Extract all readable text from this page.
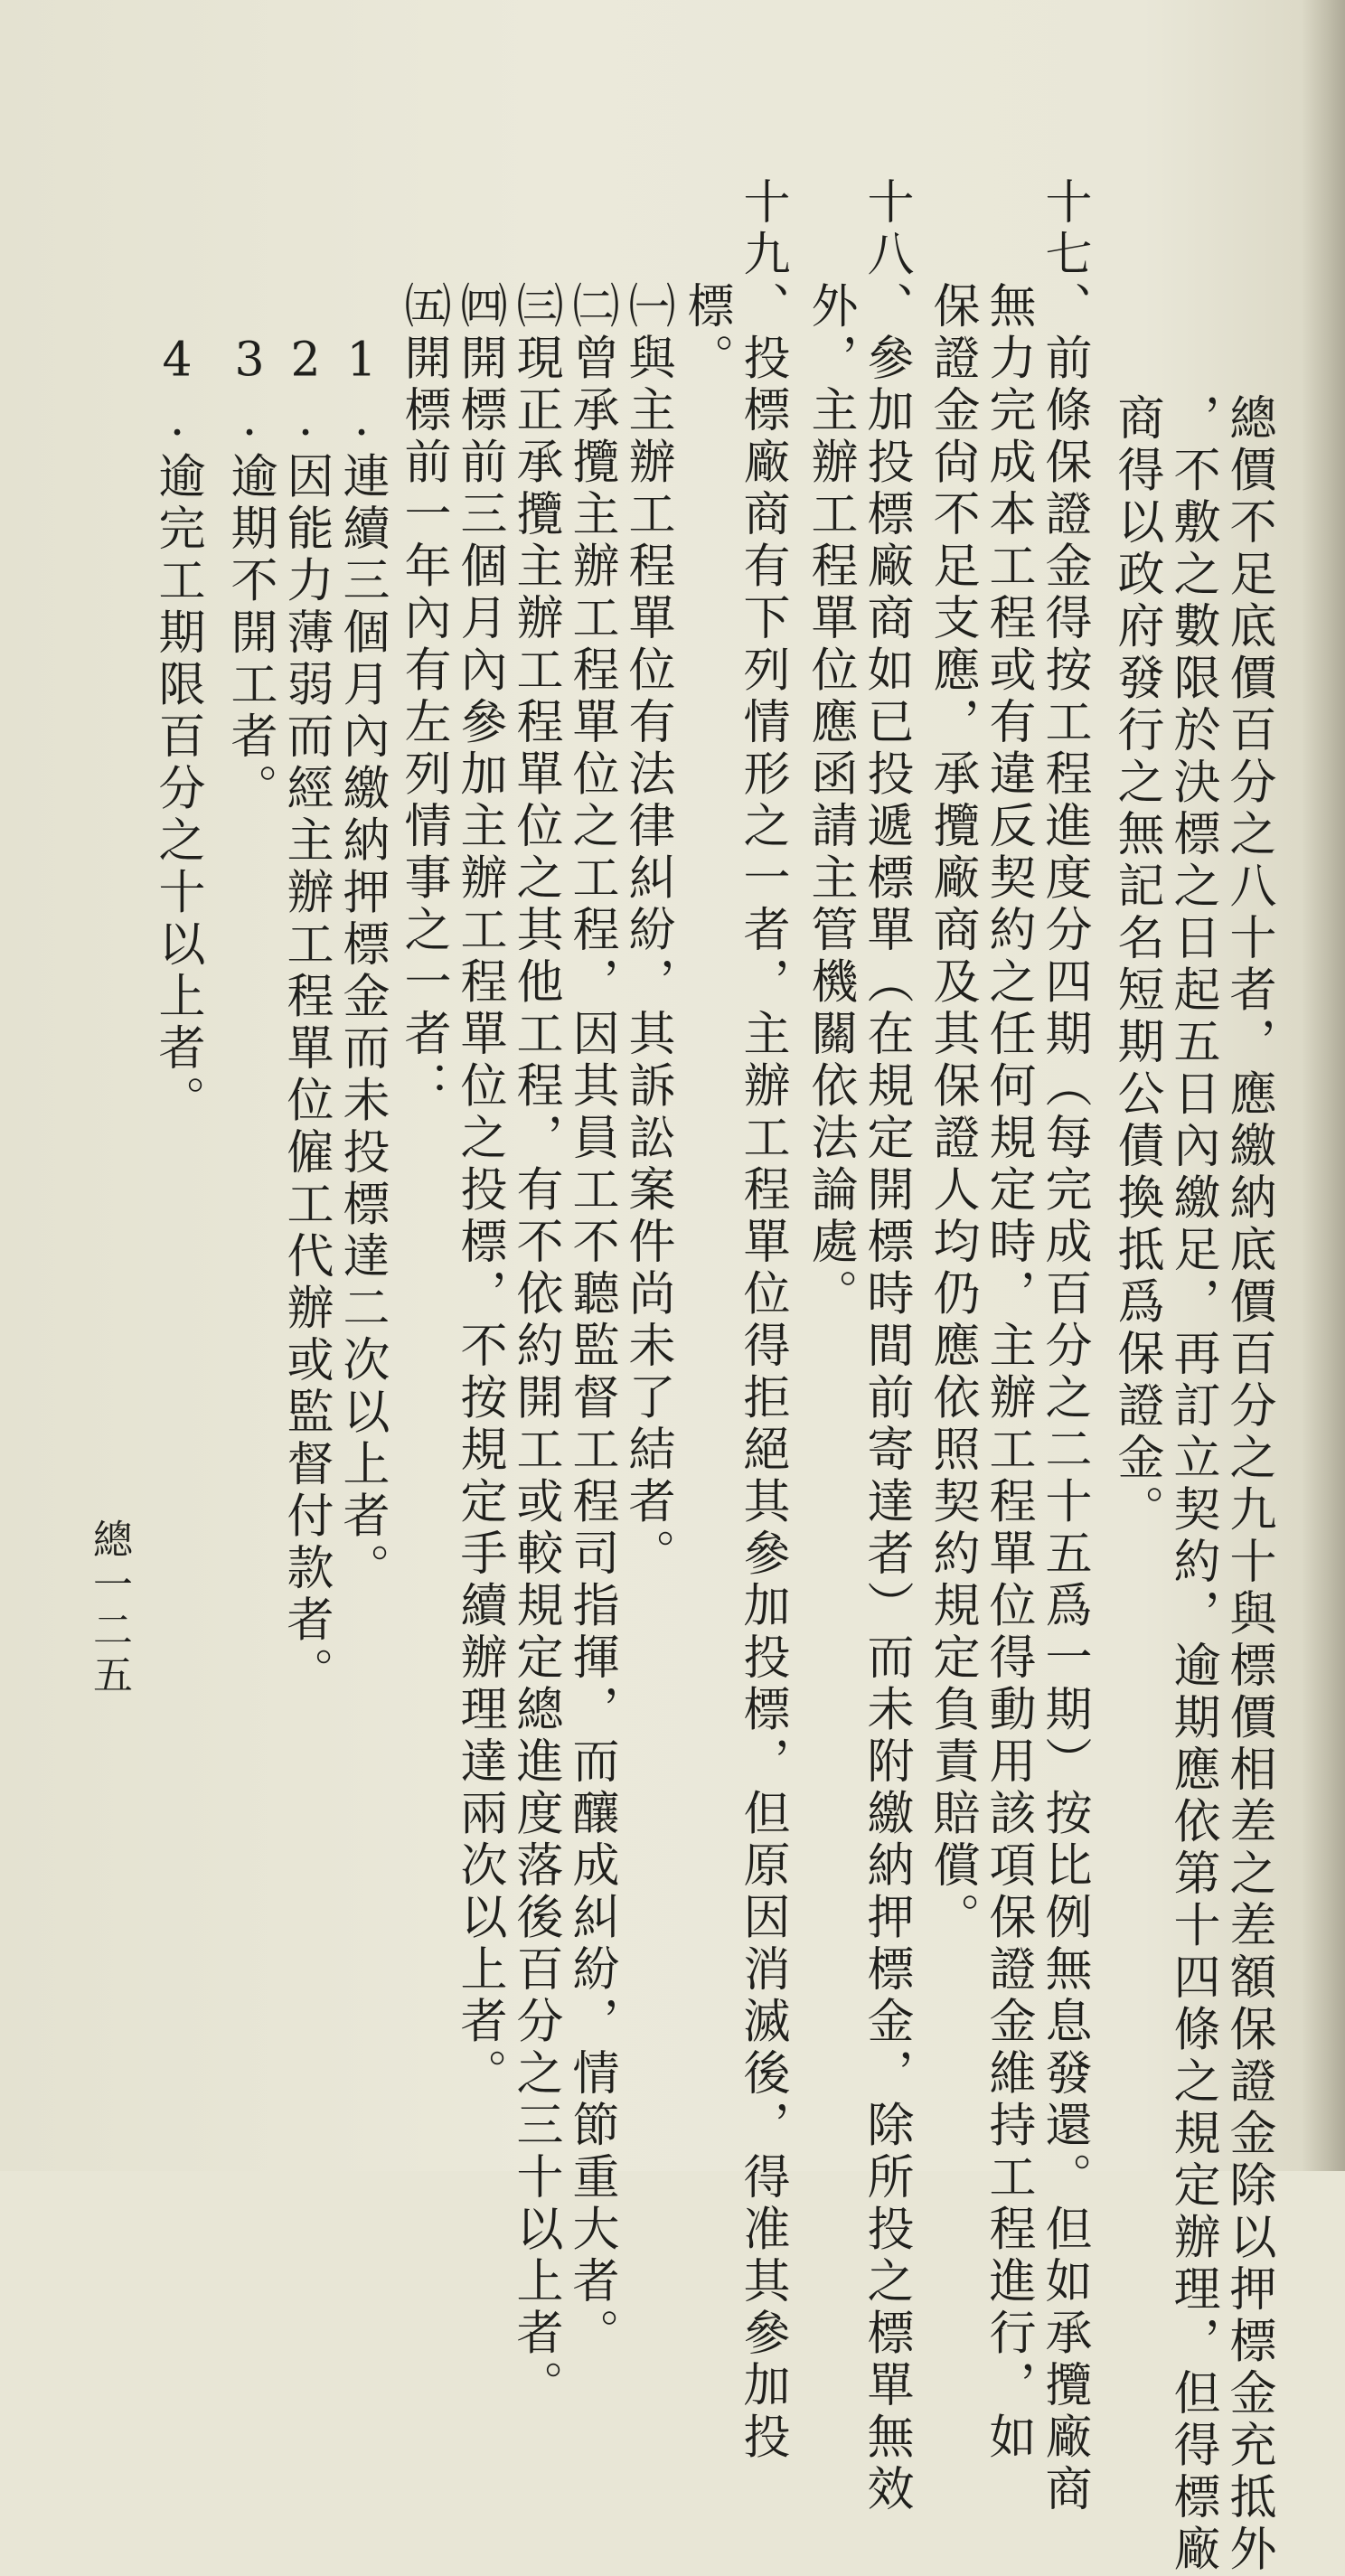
　　總價不足底價百分之八十者，應繳納底價百分之九十與標價相差之差額保證金除以押標金充抵外
　　，不敷之數限於決標之日起五日內繳足，再訂立契約，逾期應依第十四條之規定辦理，但得標廠
　　商得以政府發行之無記名短期公債換抵爲保證金。
十七、前條保證金得按工程進度分四期（每完成百分之二十五爲一期）按比例無息發還。但如承攬廠商
　　無力完成本工程或有違反契約之任何規定時，主辦工程單位得動用該項保證金維持工程進行，如
　　保證金尙不足支應，承攬廠商及其保證人均仍應依照契約規定負責賠償。
十八、參加投標廠商如已投遞標單（在規定開標時間前寄達者）而未附繳納押標金，除所投之標單無效
　　外，主辦工程單位應函請主管機關依法論處。
十九、投標廠商有下列情形之一者，主辦工程單位得拒絕其參加投標，但原因消滅後，得准其參加投
　　標。
　　㈠與主辦工程單位有法律糾紛，其訴訟案件尚未了結者。
　　㈡曾承攬主辦工程單位之工程，因其員工不聽監督工程司指揮，而釀成糾紛，情節重大者。
　　㈢現正承攬主辦工程單位之其他工程，有不依約開工或較規定總進度落後百分之三十以上者。
　　㈣開標前三個月內參加主辦工程單位之投標，不按規定手續辦理達兩次以上者。
　　㈤開標前一年內有左列情事之一者：
　　　1.連續三個月內繳納押標金而未投標達二次以上者。
　　　2.因能力薄弱而經主辦工程單位僱工代辦或監督付款者。
　　　3.逾期不開工者。
　　　4.逾完工期限百分之十以上者。
總一二五
